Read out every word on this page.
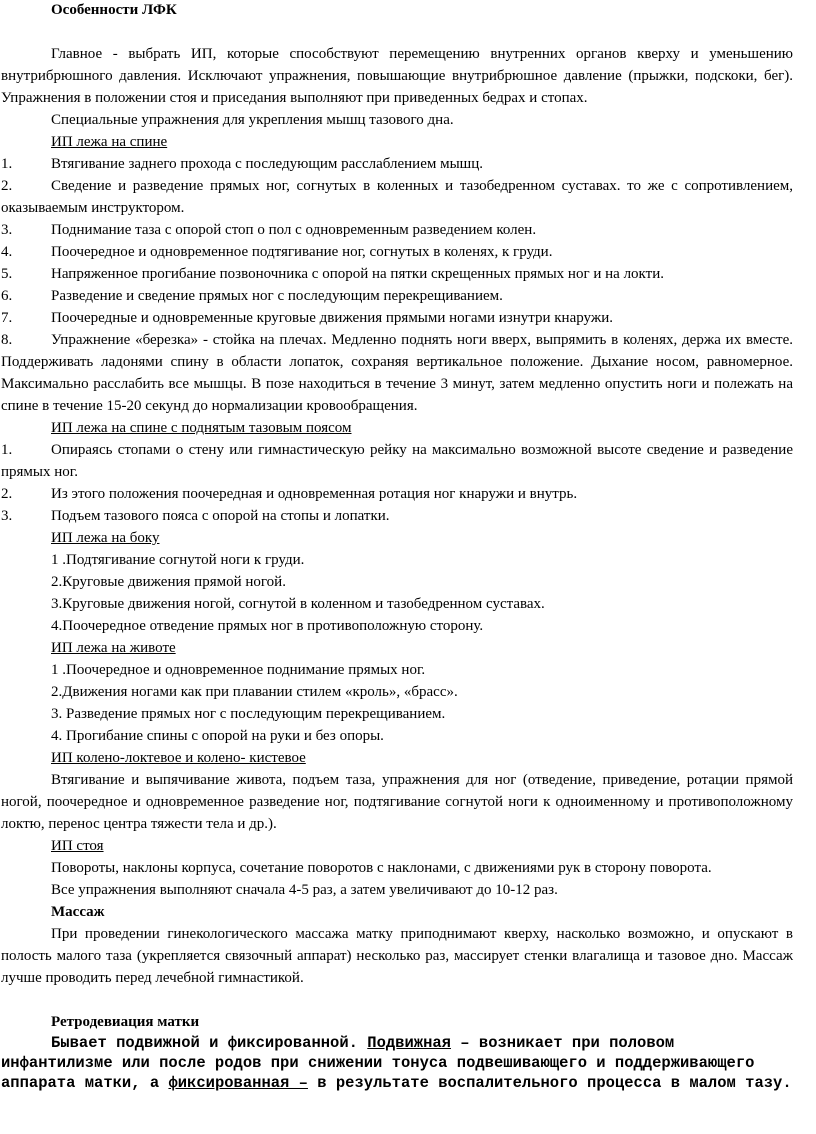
Особенности ЛФК

Главное - выбрать ИП, которые способствуют перемещению внутренних органов кверху и уменьшению внутрибрюшного давления. Исключают упражнения, повышающие внутрибрюшное давление (прыжки, подскоки, бег). Упражнения в положении стоя и приседания выполняют при приведенных бедрах и стопах.

Специальные упражнения для укрепления мышц тазового дна.

ИП лежа на спине

1.	Втягивание заднего прохода с последующим расслаблением мышц.

2.	Сведение и разведение прямых ног, согнутых в коленных и тазобедренном суставах. то же с сопротивлением, оказываемым инструктором.

3.	Поднимание таза с опорой стоп о пол с одновременным разведением колен.

4.	Поочередное и одновременное подтягивание ног, согнутых в коленях, к груди.

5.	Напряженное прогибание позвоночника с опорой на пятки скрещенных прямых ног и на локти.

6.	Разведение и сведение прямых ног с последующим перекрещиванием.

7.	Поочередные и одновременные круговые движения прямыми ногами изнутри кнаружи.

8.	Упражнение «березка» - стойка на плечах. Медленно поднять ноги вверх, выпрямить в коленях, держа их вместе. Поддерживать ладонями спину в области лопаток, сохраняя вертикальное положение. Дыхание носом, равномерное. Максимально расслабить все мышцы. В позе находиться в течение 3 минут, затем медленно опустить ноги и полежать на спине в течение 15-20 секунд до нормализации кровообращения.

ИП лежа на спине с поднятым тазовым поясом

1.	Опираясь стопами о стену или гимнастическую рейку на максимально возможной высоте сведение и разведение прямых ног.

2.	Из этого положения поочередная и одновременная ротация ног кнаружи и внутрь.

3.	Подъем тазового пояса с опорой на стопы и лопатки.

ИП лежа на боку

1 .Подтягивание согнутой ноги к груди.

2.Круговые движения прямой ногой.

3.Круговые движения ногой, согнутой в коленном и тазобедренном суставах.

4.Поочередное отведение прямых ног в противоположную сторону.

ИП лежа на животе

1 .Поочередное и одновременное поднимание прямых ног.

2.Движения ногами как при плавании стилем «кроль», «брасс».

3. Разведение прямых ног с последующим перекрещиванием.

4. Прогибание спины с опорой на руки и без опоры.

ИП колено-локтевое и колено- кистевое

Втягивание и выпячивание живота, подъем таза, упражнения для ног (отведение, приведение, ротации прямой ногой, поочередное и одновременное разведение ног, подтягивание согнутой ноги к одноименному и противоположному локтю, перенос центра тяжести тела и др.).

ИП стоя

Повороты, наклоны корпуса, сочетание поворотов с наклонами, с движениями рук в сторону поворота.

Все упражнения выполняют сначала 4-5 раз, а затем увеличивают до 10-12 раз.

Массаж

При проведении гинекологического массажа матку приподнимают кверху, насколько возможно, и опускают в полость малого таза (укрепляется связочный аппарат) несколько раз, массирует стенки влагалища и тазовое дно. Массаж лучше проводить перед лечебной гимнастикой.

Ретродевиация матки

Бывает подвижной и фиксированной. Подвижная – возникает при половом инфантилизме или после родов при снижении тонуса подвешивающего и поддерживающего аппарата матки, а фиксированная – в результате воспалительного процесса в малом тазу.
